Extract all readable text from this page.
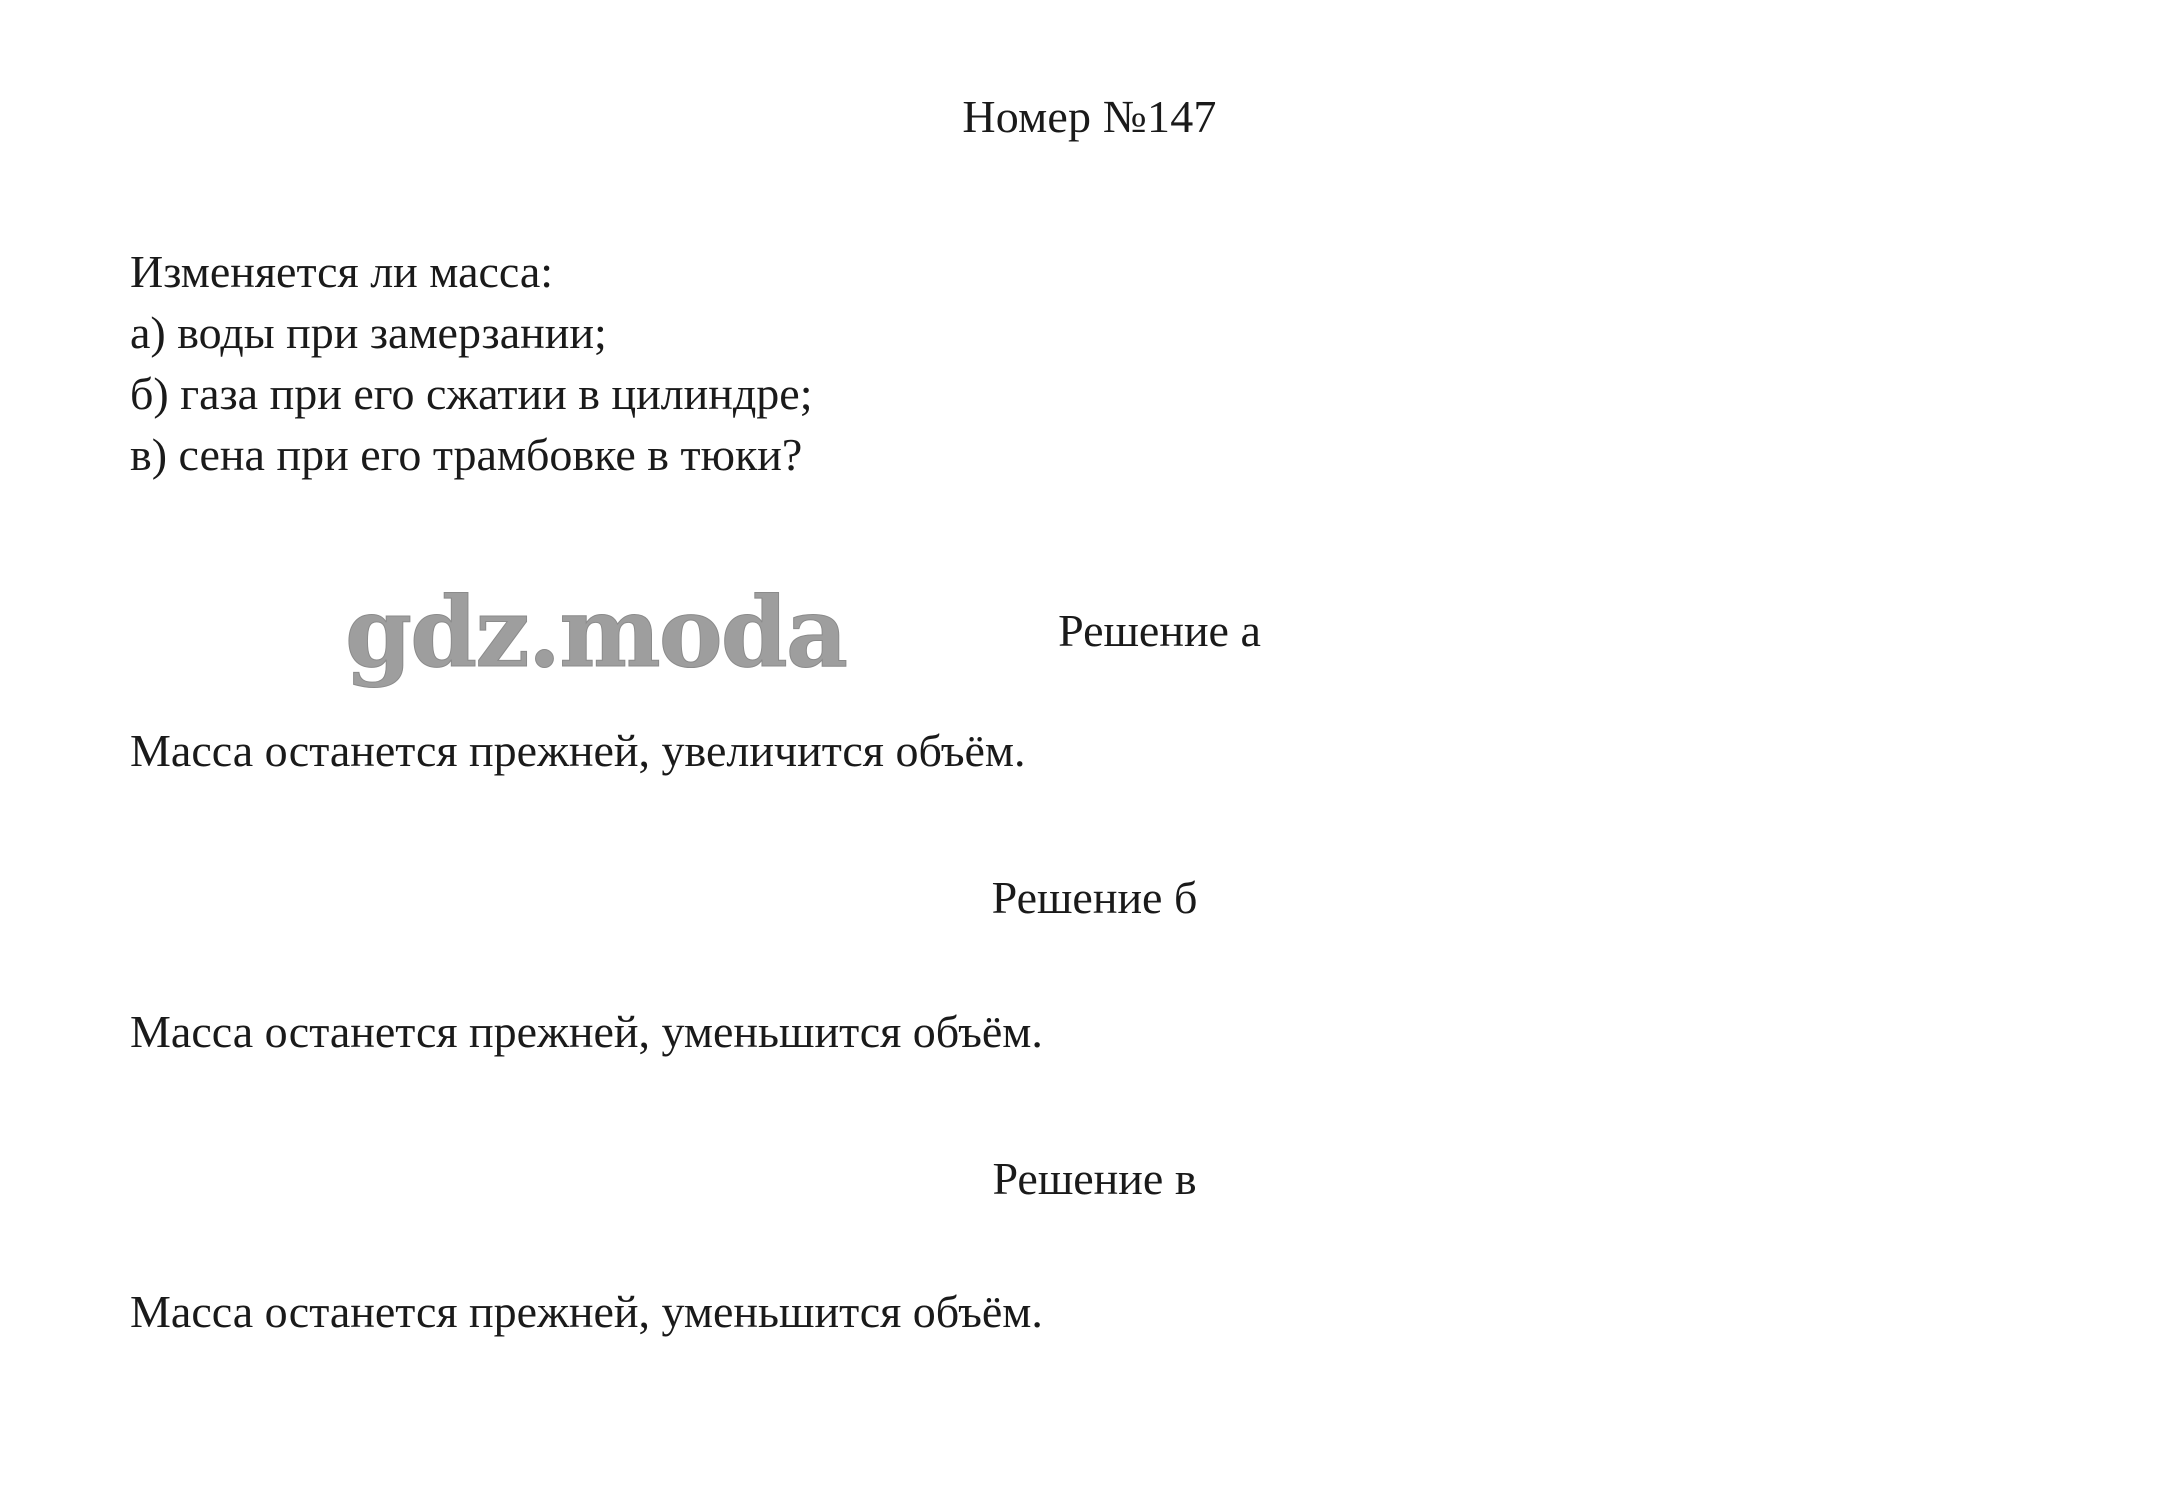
Номер №147
Изменяется ли масса:
а) воды при замерзании;
б) газа при его сжатии в цилиндре;
в) сена при его трамбовке в тюки?
gdz.moda	Решение а
Масса останется прежней, увеличится объём.
Решение б
Масса останется прежней, уменьшится объём.
Решение в
Масса останется прежней, уменьшится объём.
